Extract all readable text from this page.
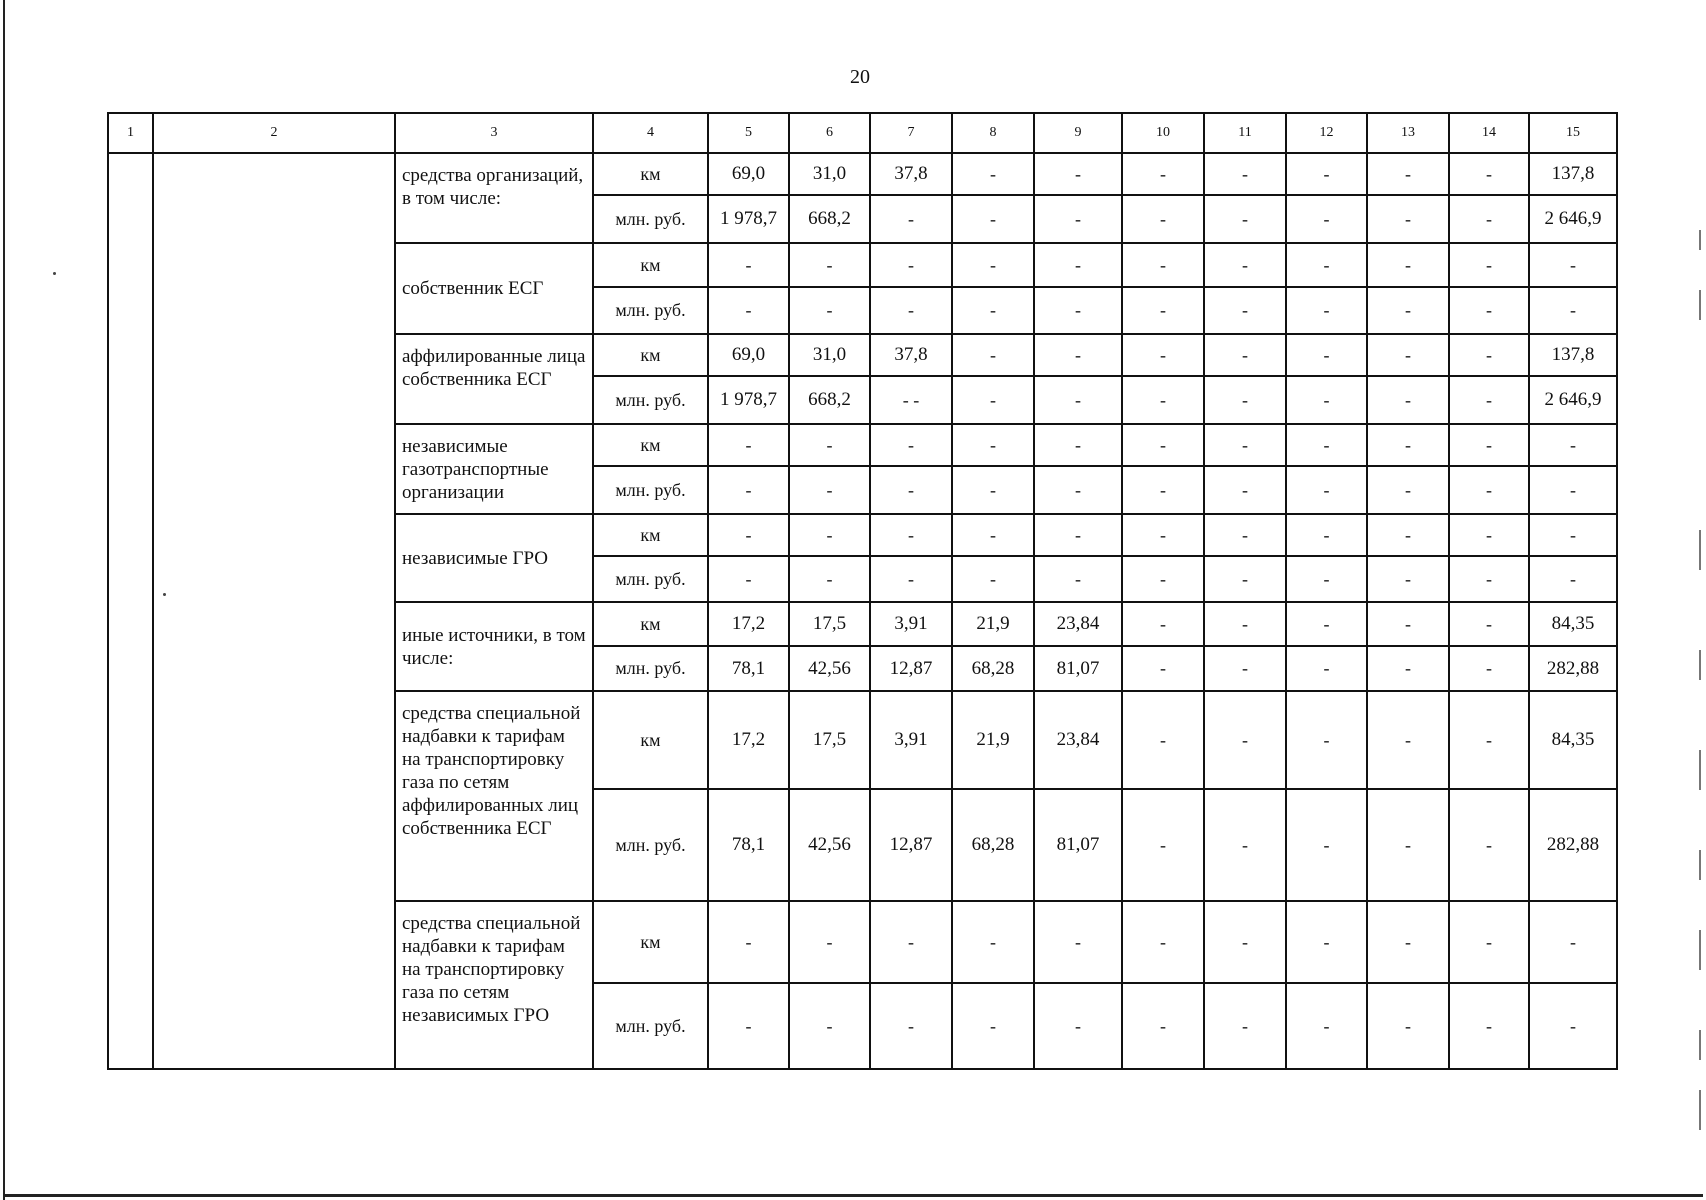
20
1	2	3	4	5	6	7	8	9	10	11	12	13	14	15
		средства организаций, в том числе:	км	69,0	31,0	37,8	-	-	-	-	-	-	-	137,8
			млн. руб.	1 978,7	668,2	-	-	-	-	-	-	-	-	2 646,9
		собственник ЕСГ	км	-	-	-	-	-	-	-	-	-	-	-
			млн. руб.	-	-	-	-	-	-	-	-	-	-	-
		аффилированные лица собственника ЕСГ	км	69,0	31,0	37,8	-	-	-	-	-	-	-	137,8
			млн. руб.	1 978,7	668,2	- -	-	-	-	-	-	-	-	2 646,9
		независимые газотранспортные организации	км	-	-	-	-	-	-	-	-	-	-	-
			млн. руб.	-	-	-	-	-	-	-	-	-	-	-
		независимые ГРО	км	-	-	-	-	-	-	-	-	-	-	-
			млн. руб.	-	-	-	-	-	-	-	-	-	-	-
		иные источники, в том числе:	км	17,2	17,5	3,91	21,9	23,84	-	-	-	-	-	84,35
			млн. руб.	78,1	42,56	12,87	68,28	81,07	-	-	-	-	-	282,88
		средства специальной надбавки к тарифам на транспортировку газа по сетям аффилированных лиц собственника ЕСГ	км	17,2	17,5	3,91	21,9	23,84	-	-	-	-	-	84,35
			млн. руб.	78,1	42,56	12,87	68,28	81,07	-	-	-	-	-	282,88
		средства специальной надбавки к тарифам на транспортировку газа по сетям независимых ГРО	км	-	-	-	-	-	-	-	-	-	-	-
			млн. руб.	-	-	-	-	-	-	-	-	-	-	-
